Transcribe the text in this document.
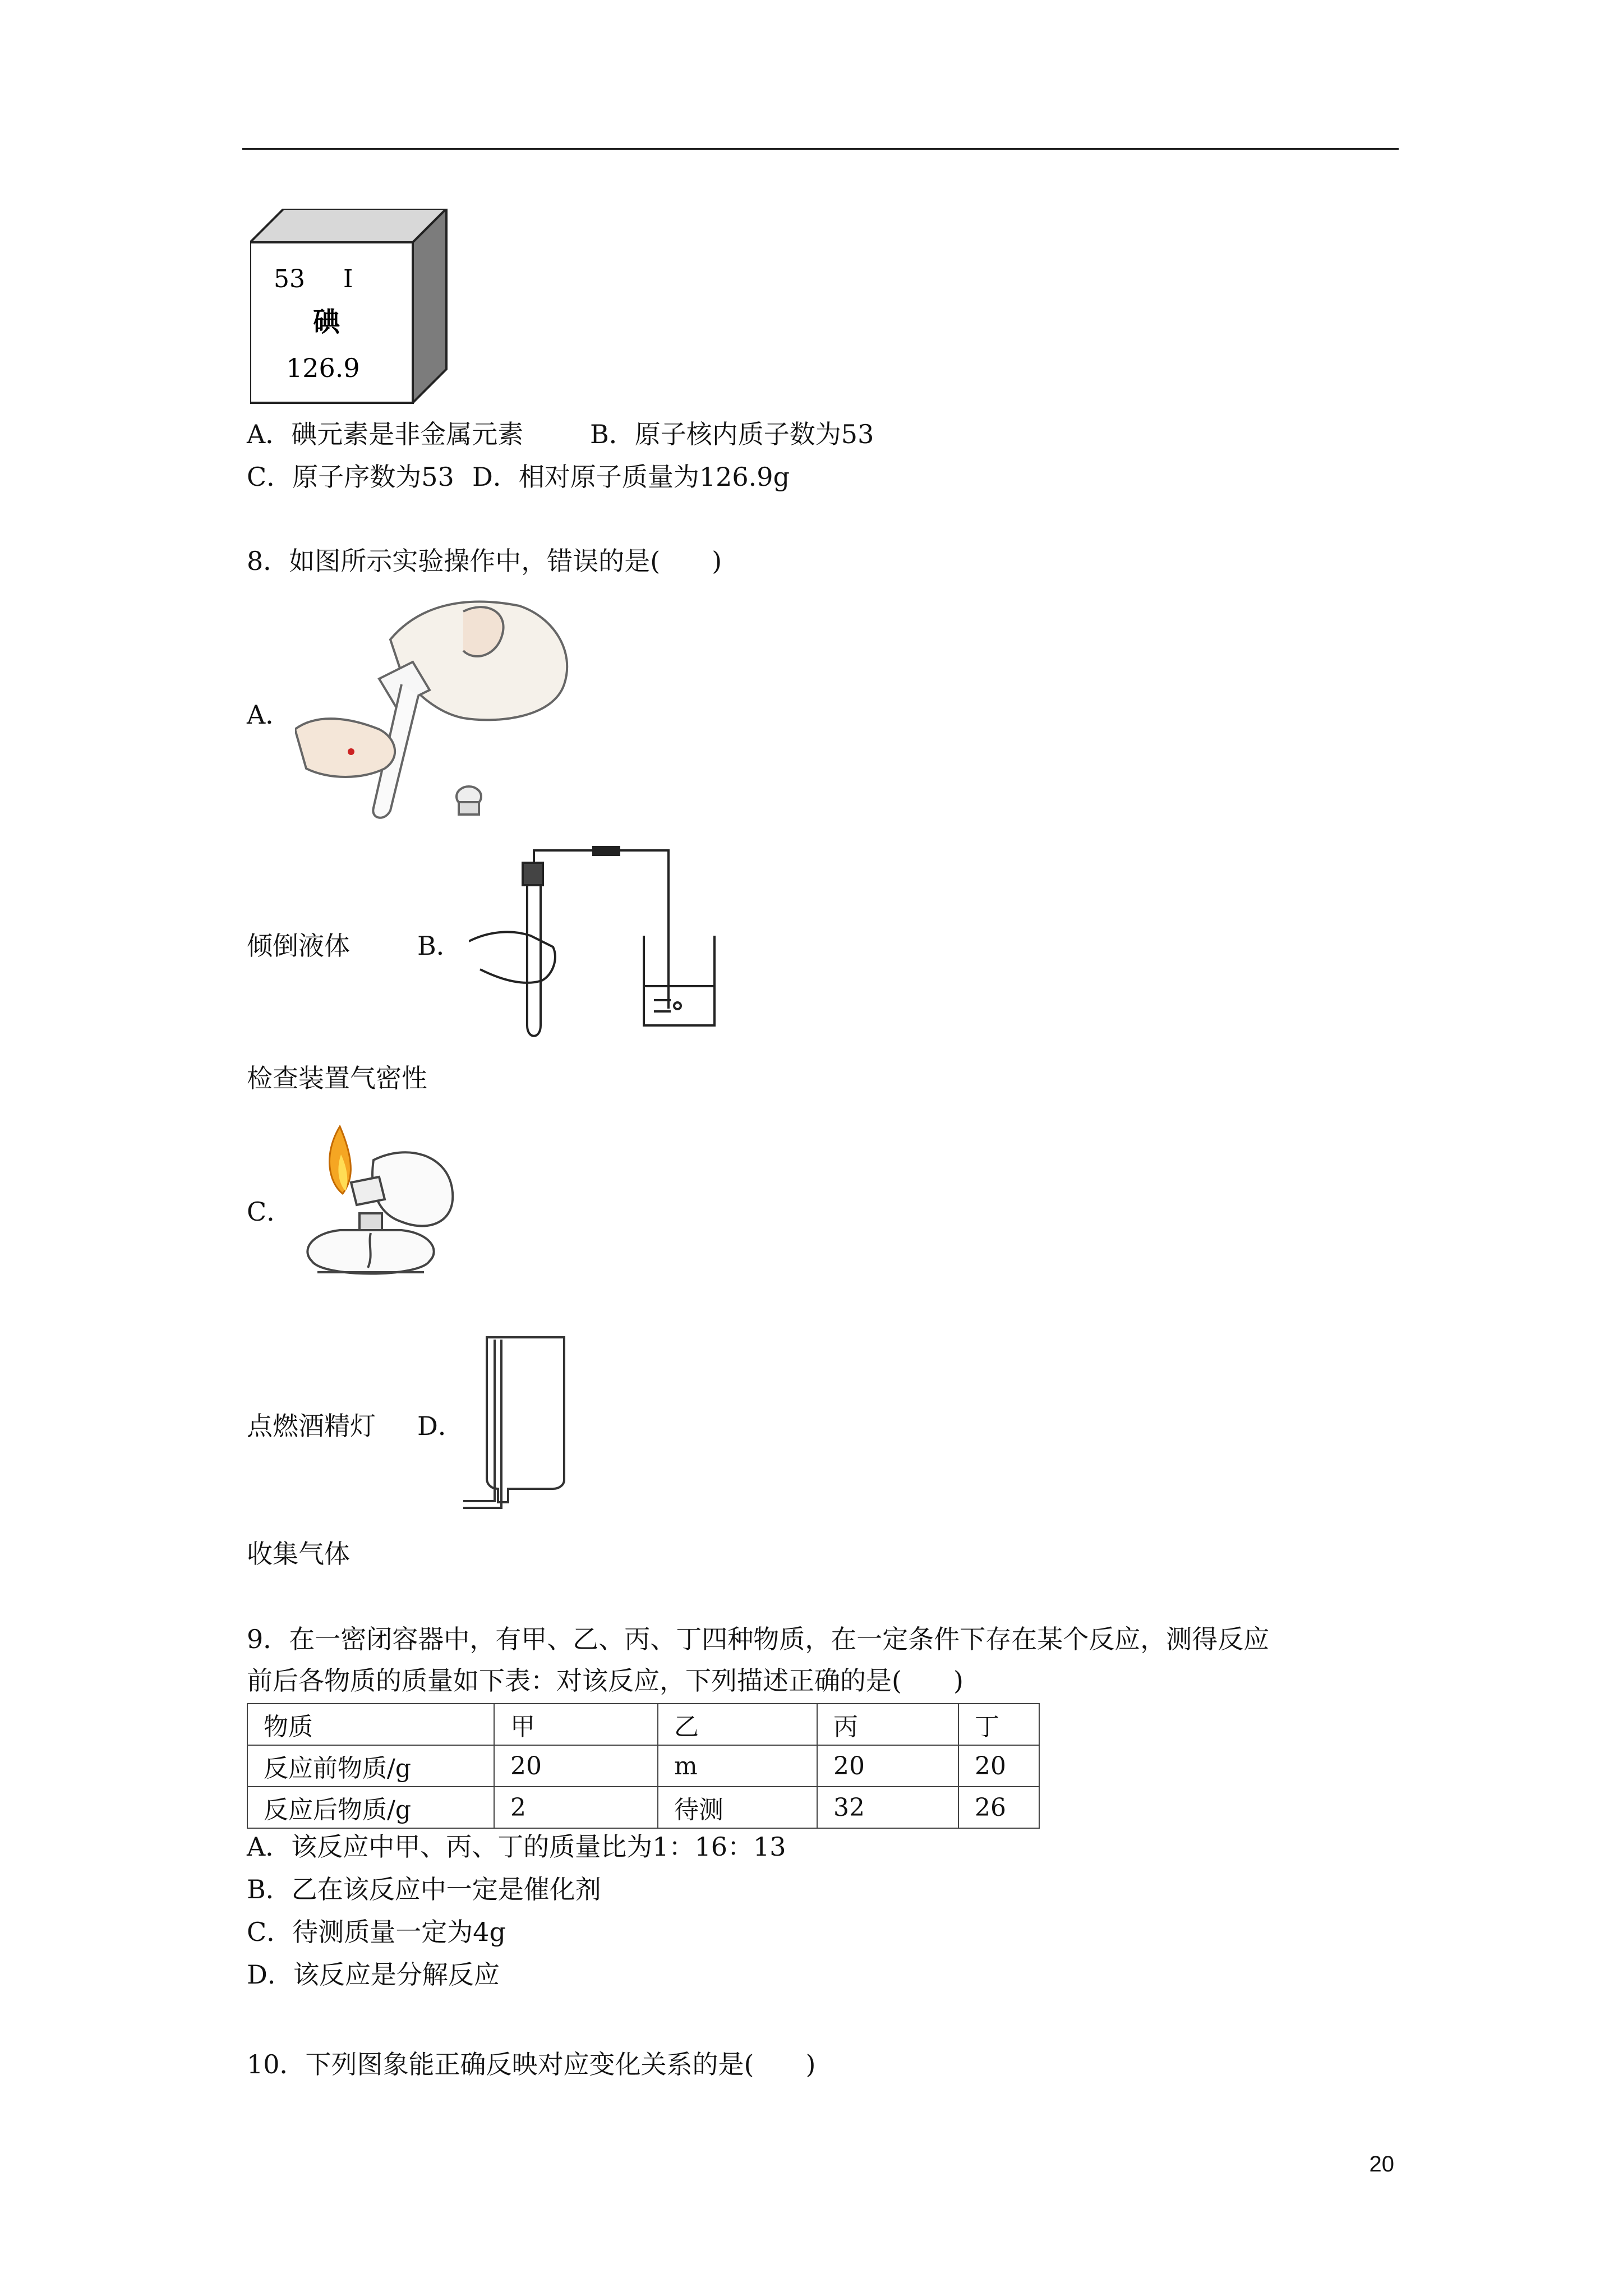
53 I
碘
126.9
A．碘元素是非金属元素	B．原子核内质子数为53
C．原子序数为53 D．相对原子质量为126.9g
8．如图所示实验操作中，错误的是(　　)
A．
倾倒液体	B．
检查装置气密性
C．
点燃酒精灯 D．
收集气体
9．在一密闭容器中，有甲、乙、丙、丁四种物质，在一定条件下存在某个反应，测得反应
前后各物质的质量如下表：对该反应，下列描述正确的是(　　)
物质	甲	乙	丙	丁
反应前物质/g	20	m	20	20
反应后物质/g	2	待测	32	26
A．该反应中甲、丙、丁的质量比为1：16：13
B．乙在该反应中一定是催化剂
C．待测质量一定为4g
D．该反应是分解反应
10．下列图象能正确反映对应变化关系的是(　　)
20
